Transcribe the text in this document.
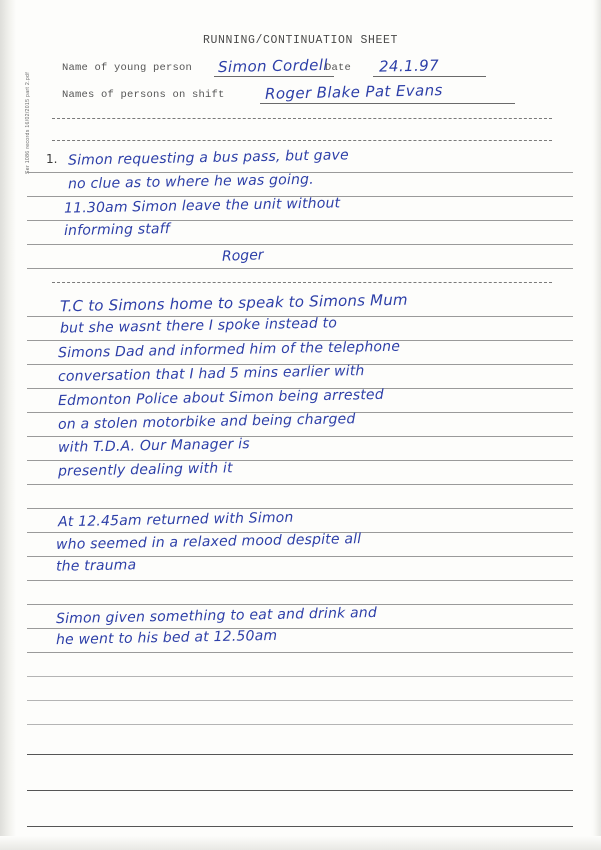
Ser 1086 records 16/02/2015 part 2.pdf
RUNNING/CONTINUATION SHEET
Name of young person Simon Cordell
Date 24.1.97
Names of persons on shift	Roger Blake Pat Evans
1. Simon requesting a bus pass, but gave
no clue as to where he was going.
11.30am Simon leave the unit without
informing staff
Roger
T.C to Simons home to speak to Simons Mum
but she wasnt there I spoke instead to
Simons Dad and informed him of the telephone
conversation that I had 5 mins earlier with
Edmonton Police about Simon being arrested
on a stolen motorbike and being charged
with T.D.A. Our Manager is
presently dealing with it
At 12.45am returned with Simon
who seemed in a relaxed mood despite all
the trauma
Simon given something to eat and drink and
he went to his bed at 12.50am
